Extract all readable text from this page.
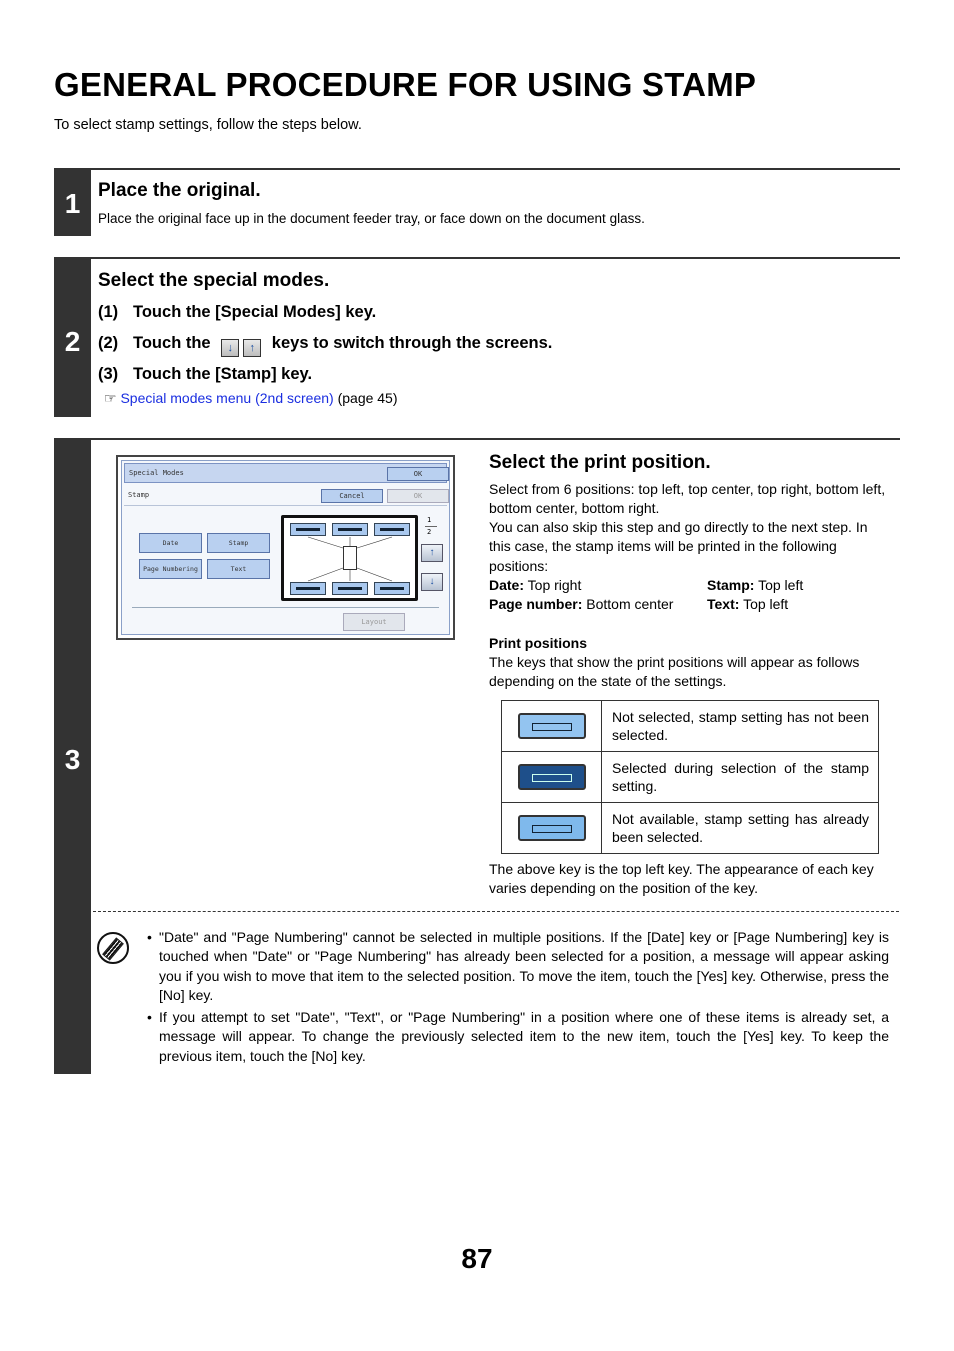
GENERAL PROCEDURE FOR USING STAMP
To select stamp settings, follow the steps below.
1 Place the original.
Place the original face up in the document feeder tray, or face down on the document glass.
2
Select the special modes.
(1) Touch the [Special Modes] key.
(2) Touch the ↓ ↑ keys to switch through the screens.
(3) Touch the [Stamp] key.
☞ Special modes menu (2nd screen) (page 45)
3
Special Modes	OK
Stamp	Cancel	OK
Date	Stamp
Page Numbering	Text
1
2
↑
↓
Layout
Select the print position.
Select from 6 positions: top left, top center, top right, bottom left, bottom center, bottom right.
You can also skip this step and go directly to the next step. In this case, the stamp items will be printed in the following positions:
Date: Top right	Stamp: Top left
Page number: Bottom center Text: Top left
Print positions
The keys that show the print positions will appear as follows depending on the state of the settings.
	Not selected, stamp setting has not been selected.
	Selected during selection of the stamp setting.
	Not available, stamp setting has already been selected.
The above key is the top left key. The appearance of each key varies depending on the position of the key.
• "Date" and "Page Numbering" cannot be selected in multiple positions. If the [Date] key or [Page Numbering] key is touched when "Date" or "Page Numbering" has already been selected for a position, a message will appear asking you if you wish to move that item to the selected position. To move the item, touch the [Yes] key. Otherwise, press the [No] key.
• If you attempt to set "Date", "Text", or "Page Numbering" in a position where one of these items is already set, a message will appear. To change the previously selected item to the new item, touch the [Yes] key. To keep the previous item, touch the [No] key.
87
